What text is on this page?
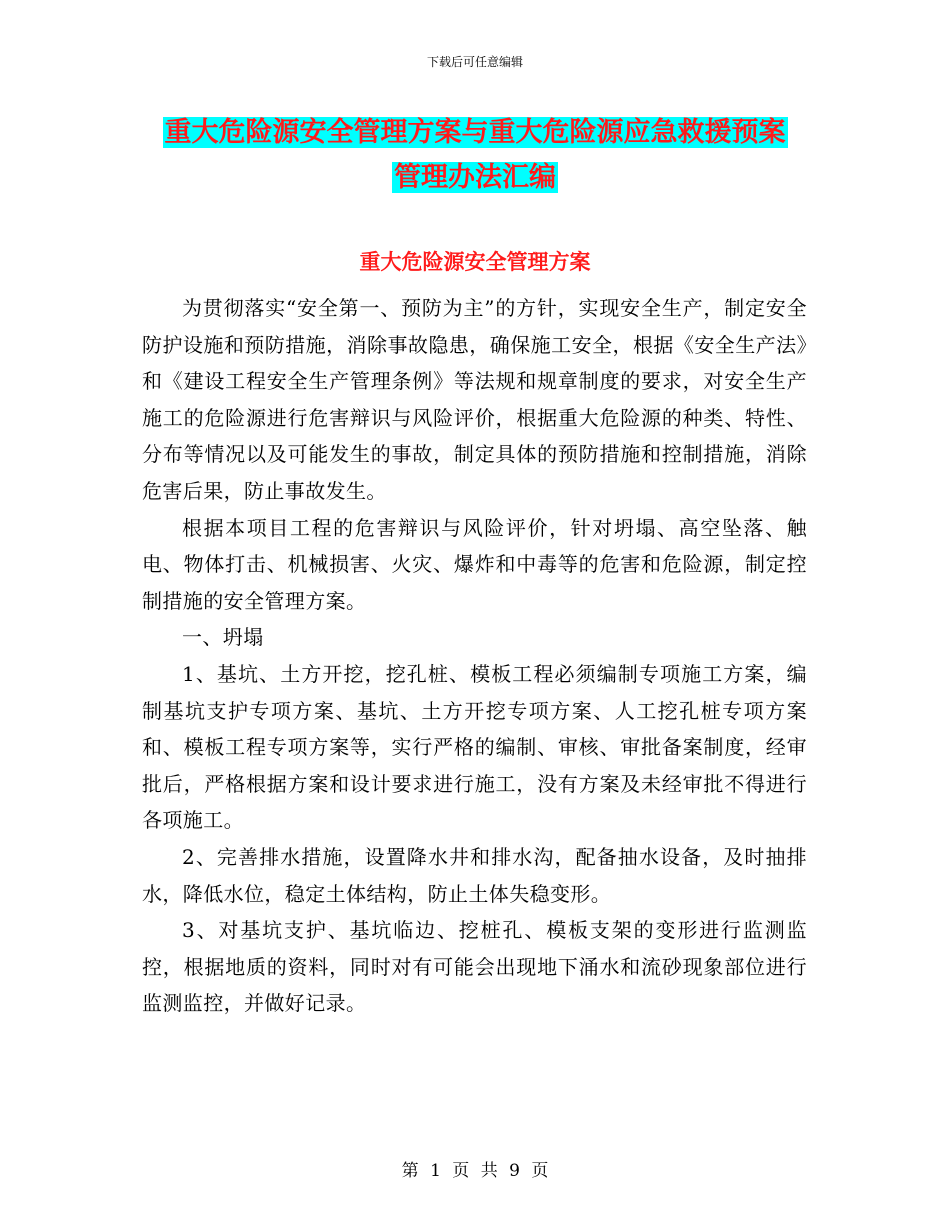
下载后可任意编辑
重大危险源安全管理方案与重大危险源应急救援预案
管理办法汇编
重大危险源安全管理方案

为贯彻落实“安全第一、预防为主”的方针，实现安全生产，制定安全防护设施和预防措施，消除事故隐患，确保施工安全，根据《安全生产法》和《建设工程安全生产管理条例》等法规和规章制度的要求，对安全生产施工的危险源进行危害辩识与风险评价，根据重大危险源的种类、特性、分布等情况以及可能发生的事故，制定具体的预防措施和控制措施，消除危害后果，防止事故发生。

根据本项目工程的危害辩识与风险评价，针对坍塌、高空坠落、触电、物体打击、机械损害、火灾、爆炸和中毒等的危害和危险源，制定控制措施的安全管理方案。

一、坍塌

1、基坑、土方开挖，挖孔桩、模板工程必须编制专项施工方案，编制基坑支护专项方案、基坑、土方开挖专项方案、人工挖孔桩专项方案和、模板工程专项方案等，实行严格的编制、审核、审批备案制度，经审批后，严格根据方案和设计要求进行施工，没有方案及未经审批不得进行各项施工。

2、完善排水措施，设置降水井和排水沟，配备抽水设备，及时抽排水，降低水位，稳定土体结构，防止土体失稳变形。

3、对基坑支护、基坑临边、挖桩孔、模板支架的变形进行监测监控，根据地质的资料，同时对有可能会出现地下涌水和流砂现象部位进行监测监控，并做好记录。

第 1 页 共 9 页
